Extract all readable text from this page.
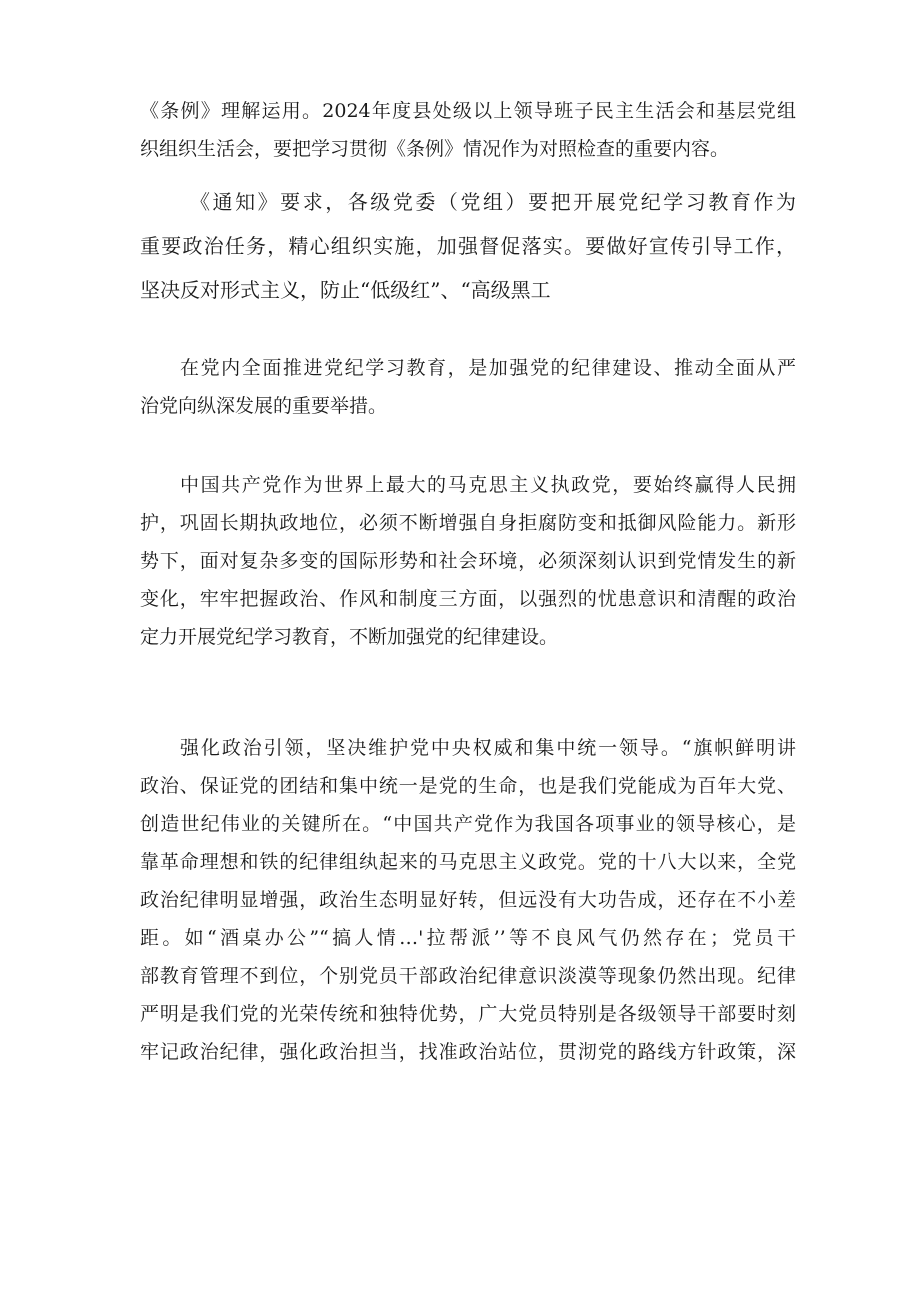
《条例》理解运用。2024年度县处级以上领导班子民主生活会和基层党组
织组织生活会，要把学习贯彻《条例》情况作为对照检查的重要内容。
《通知》要求，各级党委（党组）要把开展党纪学习教育作为
重要政治任务，精心组织实施，加强督促落实。要做好宣传引导工作，
坚决反对形式主义，防止“低级红”、“高级黑工
在党内全面推进党纪学习教育，是加强党的纪律建设、推动全面从严
治党向纵深发展的重要举措。
中国共产党作为世界上最大的马克思主义执政党，要始终赢得人民拥
护，巩固长期执政地位，必须不断增强自身拒腐防变和抵御风险能力。新形
势下，面对复杂多变的国际形势和社会环境，必须深刻认识到党情发生的新
变化，牢牢把握政治、作风和制度三方面，以强烈的忧患意识和清醒的政治
定力开展党纪学习教育，不断加强党的纪律建设。
强化政治引领，坚决维护党中央权威和集中统一领导。“旗帜鲜明讲
政治、保证党的团结和集中统一是党的生命，也是我们党能成为百年大党、
创造世纪伟业的关键所在。“中国共产党作为我国各项事业的领导核心，是
靠革命理想和铁的纪律组纨起来的马克思主义政党。党的十八大以来，全党
政治纪律明显增强，政治生态明显好转，但远没有大功告成，还存在不小差
距。如“酒桌办公”“搞人情…'拉帮派’’等不良风气仍然存在；党员干
部教育管理不到位，个别党员干部政治纪律意识淡漠等现象仍然出现。纪律
严明是我们党的光荣传统和独特优势，广大党员特别是各级领导干部要时刻
牢记政治纪律，强化政治担当，找准政治站位，贯沏党的路线方针政策，深
